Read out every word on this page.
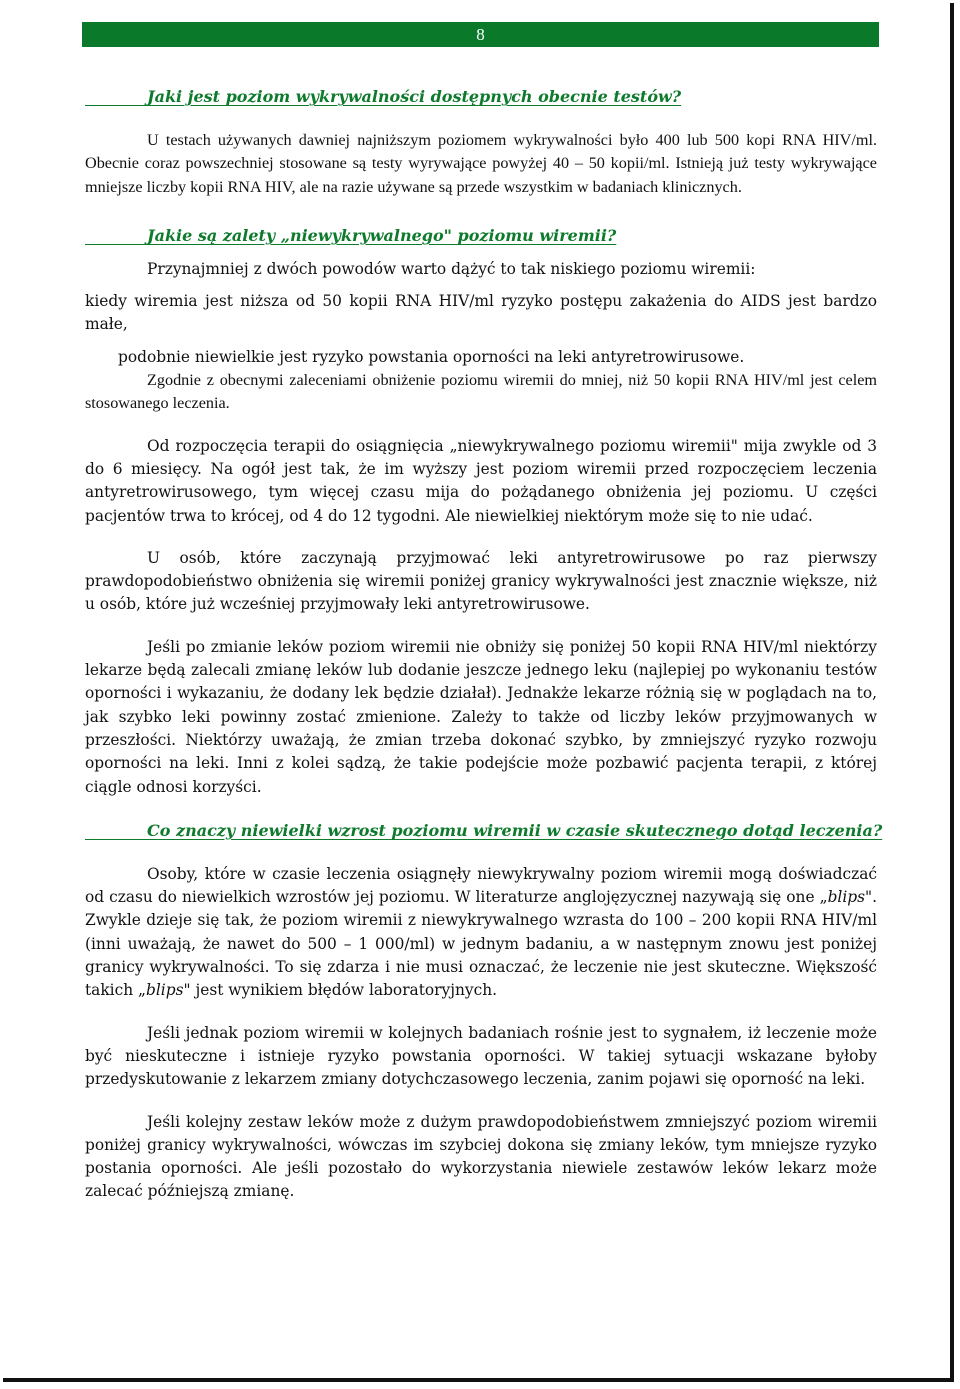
8
Jaki jest poziom wykrywalności dostępnych obecnie testów?

U testach używanych dawniej najniższym poziomem wykrywalności było 400 lub 500 kopi RNA HIV/ml. Obecnie coraz powszechniej stosowane są testy wyrywające powyżej 40 – 50 kopii/ml. Istnieją już testy wykrywające mniejsze liczby kopii RNA HIV, ale na razie używane są przede wszystkim w badaniach klinicznych.

Jakie są zalety „niewykrywalnego" poziomu wiremii?

Przynajmniej z dwóch powodów warto dążyć to tak niskiego poziomu wiremii:

kiedy wiremia jest niższa od 50 kopii RNA HIV/ml ryzyko postępu zakażenia do AIDS jest bardzo małe,

podobnie niewielkie jest ryzyko powstania oporności na leki antyretrowirusowe.

Zgodnie z obecnymi zaleceniami obniżenie poziomu wiremii do mniej, niż 50 kopii RNA HIV/ml jest celem stosowanego leczenia.

Od rozpoczęcia terapii do osiągnięcia „niewykrywalnego poziomu wiremii" mija zwykle od 3 do 6 miesięcy. Na ogół jest tak, że im wyższy jest poziom wiremii przed rozpoczęciem leczenia antyretrowirusowego, tym więcej czasu mija do pożądanego obniżenia jej poziomu. U części pacjentów trwa to krócej, od 4 do 12 tygodni. Ale niewielkiej niektórym może się to nie udać.

U osób, które zaczynają przyjmować leki antyretrowirusowe po raz pierwszy prawdopodobieństwo obniżenia się wiremii poniżej granicy wykrywalności jest znacznie większe, niż u osób, które już wcześniej przyjmowały leki antyretrowirusowe.

Jeśli po zmianie leków poziom wiremii nie obniży się poniżej 50 kopii RNA HIV/ml niektórzy lekarze będą zalecali zmianę leków lub dodanie jeszcze jednego leku (najlepiej po wykonaniu testów oporności i wykazaniu, że dodany lek będzie działał). Jednakże lekarze różnią się w poglądach na to, jak szybko leki powinny zostać zmienione. Zależy to także od liczby leków przyjmowanych w przeszłości. Niektórzy uważają, że zmian trzeba dokonać szybko, by zmniejszyć ryzyko rozwoju oporności na leki. Inni z kolei sądzą, że takie podejście może pozbawić pacjenta terapii, z której ciągle odnosi korzyści.

Co znaczy niewielki wzrost poziomu wiremii w czasie skutecznego dotąd leczenia?

Osoby, które w czasie leczenia osiągnęły niewykrywalny poziom wiremii mogą doświadczać od czasu do niewielkich wzrostów jej poziomu. W literaturze anglojęzycznej nazywają się one „blips". Zwykle dzieje się tak, że poziom wiremii z niewykrywalnego wzrasta do 100 – 200 kopii RNA HIV/ml (inni uważają, że nawet do 500 – 1 000/ml) w jednym badaniu, a w następnym znowu jest poniżej granicy wykrywalności. To się zdarza i nie musi oznaczać, że leczenie nie jest skuteczne. Większość takich „blips" jest wynikiem błędów laboratoryjnych.

Jeśli jednak poziom wiremii w kolejnych badaniach rośnie jest to sygnałem, iż leczenie może być nieskuteczne i istnieje ryzyko powstania oporności. W takiej sytuacji wskazane byłoby przedyskutowanie z lekarzem zmiany dotychczasowego leczenia, zanim pojawi się oporność na leki.

Jeśli kolejny zestaw leków może z dużym prawdopodobieństwem zmniejszyć poziom wiremii poniżej granicy wykrywalności, wówczas im szybciej dokona się zmiany leków, tym mniejsze ryzyko postania oporności. Ale jeśli pozostało do wykorzystania niewiele zestawów leków lekarz może zalecać późniejszą zmianę.
